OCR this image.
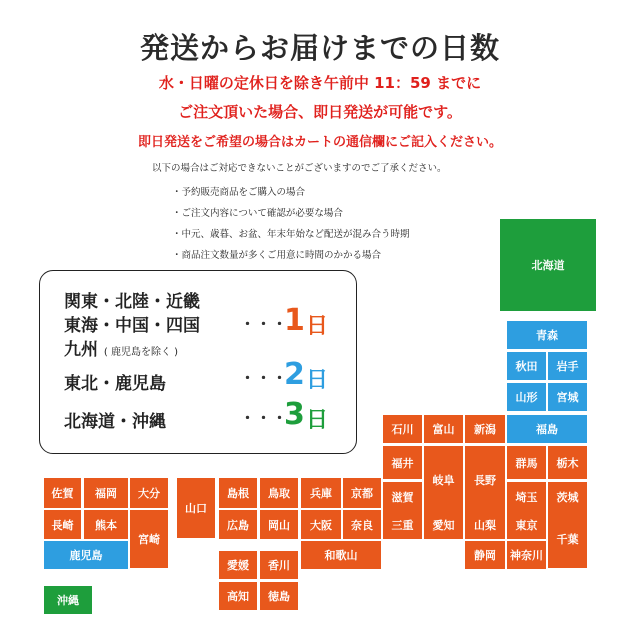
発送からお届けまでの日数
水・日曜の定休日を除き午前中 11：59 までに
ご注文頂いた場合、即日発送が可能です。
即日発送をご希望の場合はカートの通信欄にご記入ください。
以下の場合はご対応できないことがございますのでご了承ください。
・ 予約販売商品をご購入の場合
・ ご注文内容について確認が必要な場合
・ 中元、歳暮、お盆、年末年始など配送が混み合う時期
・ 商品注文数量が多くご用意に時間のかかる場合
関東・北陸・近畿
東海・中国・四国
九州 ( 鹿児島を除く )
・・・
1 日
東北・鹿児島	・・・
2 日
北海道・沖縄	・・・
3 日
北海道
青森
秋田	岩手
山形	宮城
福島
石川	富山	新潟
福井
岐阜	長野
群馬	栃木
佐賀	福岡	大分
山口
島根	鳥取	兵庫	京都	滋賀	埼玉	茨城
長崎	熊本
宮崎
広島	岡山	大阪	奈良	三重	愛知	山梨	東京
千葉
鹿児島	和歌山	静岡	神奈川
愛媛	香川
高知	徳島
沖縄
